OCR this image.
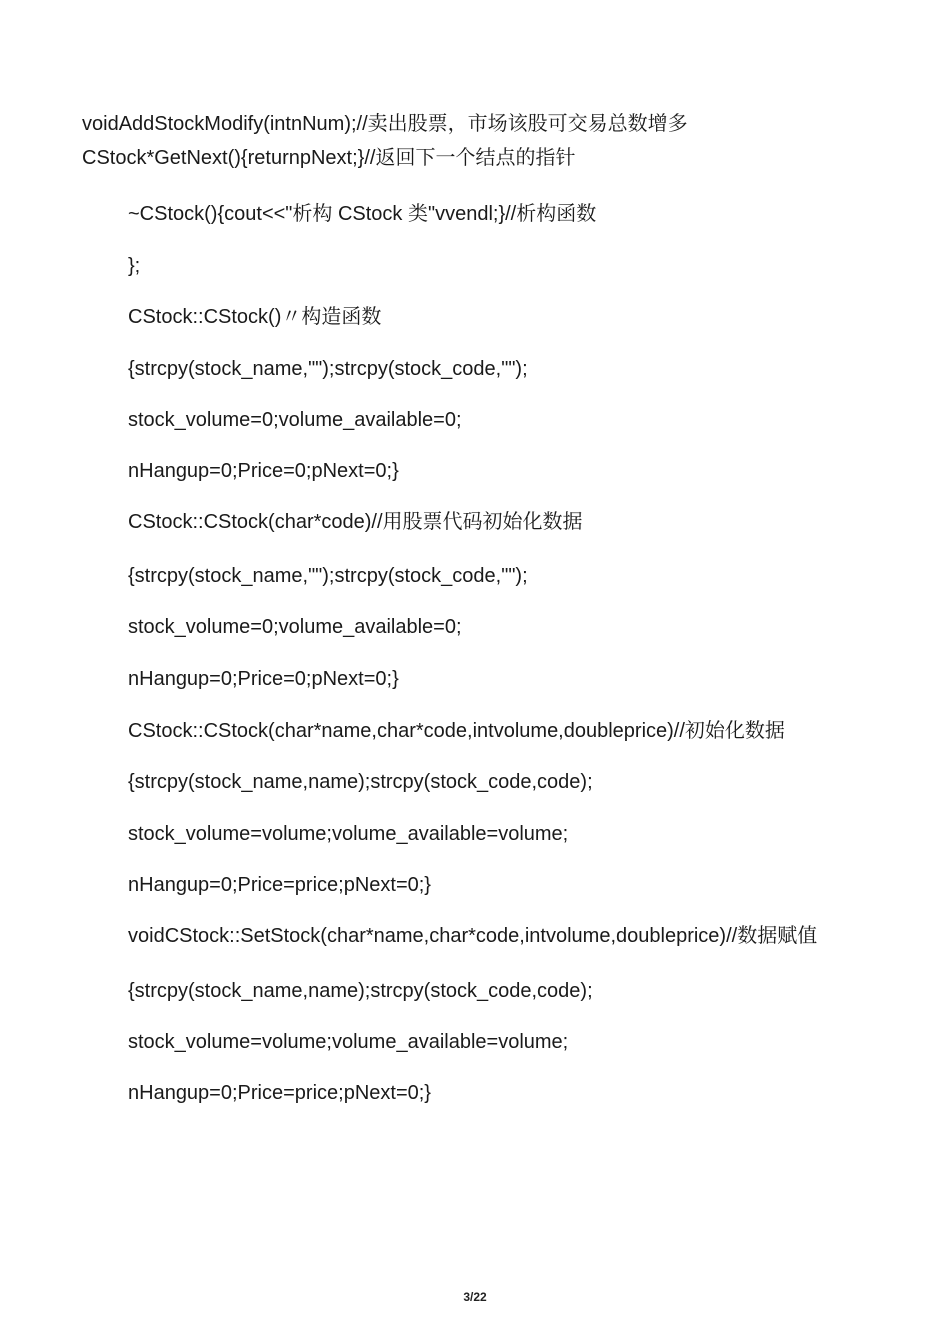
voidAddStockModify(intnNum);//卖出股票，市场该股可交易总数增多
CStock*GetNext(){returnpNext;}//返回下一个结点的指针
~CStock(){cout<<"析构 CStock 类"vvendl;}//析构函数
};
CStock::CStock()〃构造函数
{strcpy(stock_name,"");strcpy(stock_code,"");
stock_volume=0;volume_available=0;
nHangup=0;Price=0;pNext=0;}
CStock::CStock(char*code)//用股票代码初始化数据
{strcpy(stock_name,"");strcpy(stock_code,"");
stock_volume=0;volume_available=0;
nHangup=0;Price=0;pNext=0;}
CStock::CStock(char*name,char*code,intvolume,doubleprice)//初始化数据
{strcpy(stock_name,name);strcpy(stock_code,code);
stock_volume=volume;volume_available=volume;
nHangup=0;Price=price;pNext=0;}
voidCStock::SetStock(char*name,char*code,intvolume,doubleprice)//数据赋值
{strcpy(stock_name,name);strcpy(stock_code,code);
stock_volume=volume;volume_available=volume;
nHangup=0;Price=price;pNext=0;}
3/22
